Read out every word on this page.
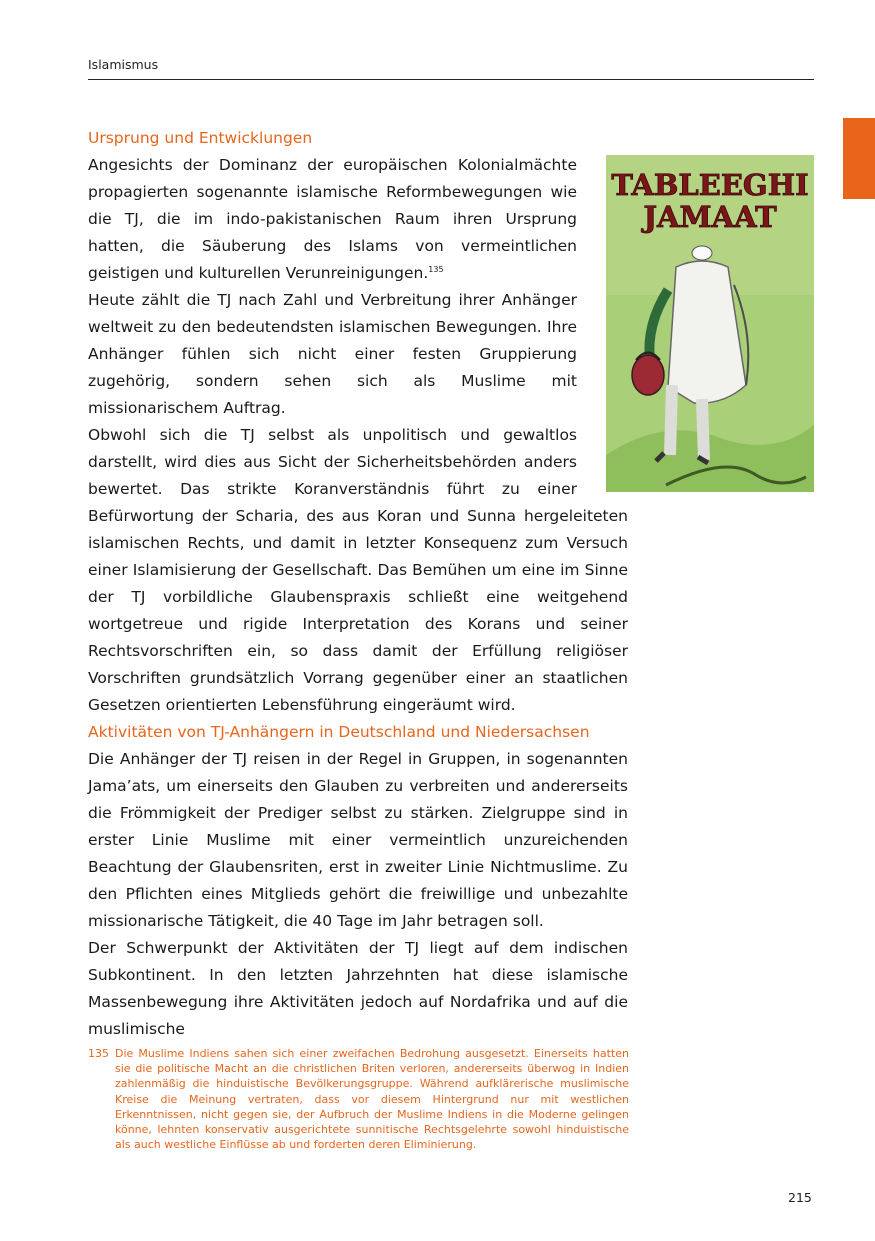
Islamismus
Ursprung und Entwicklungen
TABLEEGHI
JAMAAT

Angesichts der Dominanz der europäischen Kolonialmächte propagierten sogenannte islamische Reformbewegungen wie die TJ, die im indo-pakistanischen Raum ihren Ursprung hatten, die Säuberung des Islams von vermeintlichen geistigen und kulturellen Verunreinigungen.$^{135}$

Heute zählt die TJ nach Zahl und Verbreitung ihrer Anhänger weltweit zu den bedeutendsten islamischen Bewegungen. Ihre Anhänger fühlen sich nicht einer festen Gruppierung zugehörig, sondern sehen sich als Muslime mit missionarischem Auftrag.

Obwohl sich die TJ selbst als unpolitisch und gewaltlos darstellt, wird dies aus Sicht der Sicherheitsbehörden anders bewertet. Das strikte Koranverständnis führt zu einer Befürwortung der Scharia, des aus Koran und Sunna hergeleiteten islamischen Rechts, und damit in letzter Konsequenz zum Versuch einer Islamisierung der Gesellschaft. Das Bemühen um eine im Sinne der TJ vorbildliche Glaubenspraxis schließt eine weitgehend wortgetreue und rigide Interpretation des Korans und seiner Rechtsvorschriften ein, so dass damit der Erfüllung religiöser Vorschriften grundsätzlich Vorrang gegenüber einer an staatlichen Gesetzen orientierten Lebensführung eingeräumt wird.

Aktivitäten von TJ-Anhängern in Deutschland und Niedersachsen

Die Anhänger der TJ reisen in der Regel in Gruppen, in sogenannten Jama’ats, um einerseits den Glauben zu verbreiten und andererseits die Frömmigkeit der Prediger selbst zu stärken. Zielgruppe sind in erster Linie Muslime mit einer vermeintlich unzureichenden Beachtung der Glaubensriten, erst in zweiter Linie Nichtmuslime. Zu den Pflichten eines Mitglieds gehört die freiwillige und unbezahlte missionarische Tätigkeit, die 40 Tage im Jahr betragen soll.

Der Schwerpunkt der Aktivitäten der TJ liegt auf dem indischen Subkontinent. In den letzten Jahrzehnten hat diese islamische Massenbewegung ihre Aktivitäten jedoch auf Nordafrika und auf die muslimische

135 Die Muslime Indiens sahen sich einer zweifachen Bedrohung ausgesetzt. Einerseits hatten sie die politische Macht an die christlichen Briten verloren, andererseits überwog in Indien zahlenmäßig die hinduistische Bevölkerungsgruppe. Während aufklärerische muslimische Kreise die Meinung vertraten, dass vor diesem Hintergrund nur mit westlichen Erkenntnissen, nicht gegen sie, der Aufbruch der Muslime Indiens in die Moderne gelingen könne, lehnten konservativ ausgerichtete sunnitische Rechtsgelehrte sowohl hinduistische als auch westliche Einflüsse ab und forderten deren Eliminierung.
215
